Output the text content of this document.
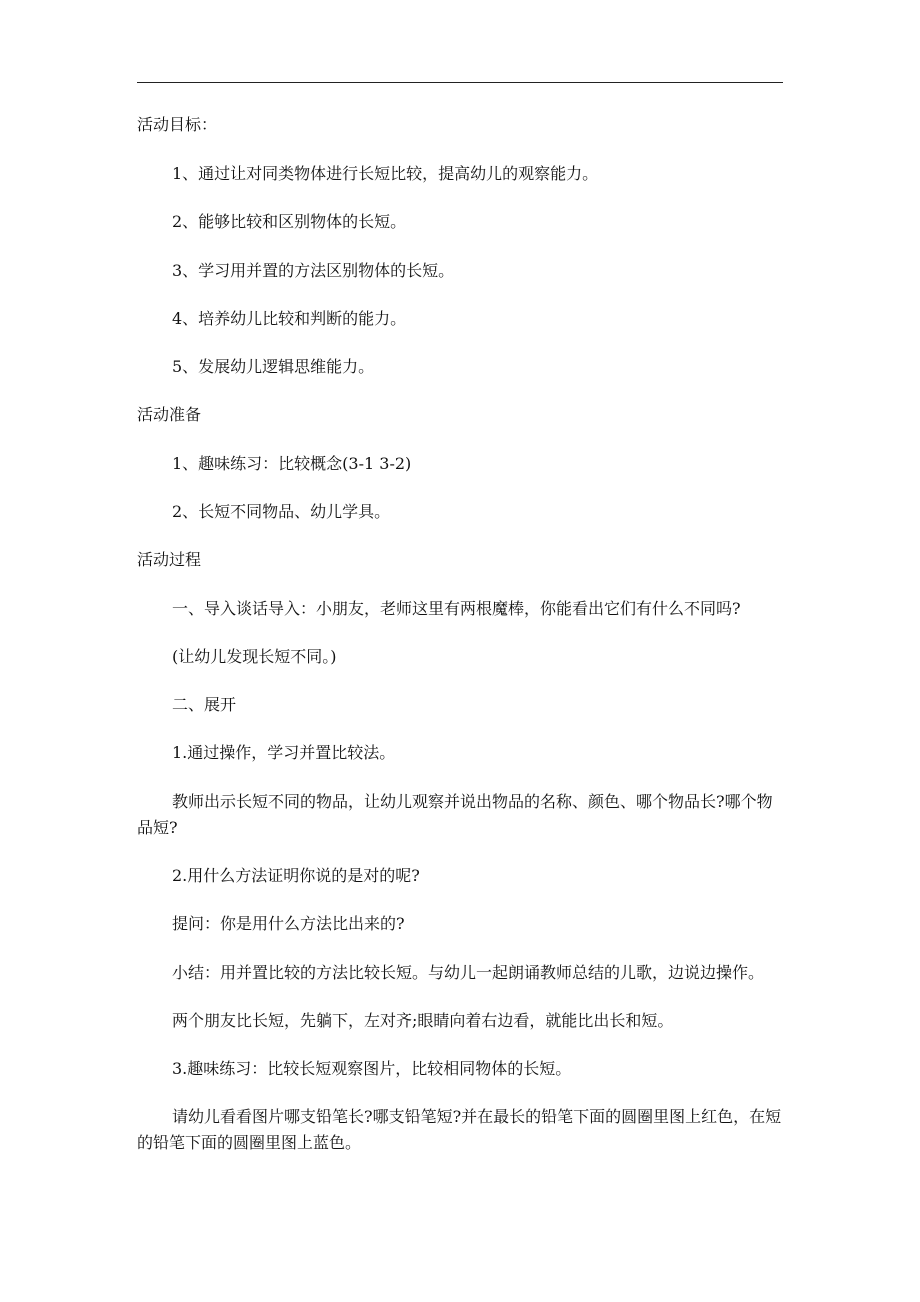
活动目标：
1、通过让对同类物体进行长短比较，提高幼儿的观察能力。
2、能够比较和区别物体的长短。
3、学习用并置的方法区别物体的长短。
4、培养幼儿比较和判断的能力。
5、发展幼儿逻辑思维能力。
活动准备
1、趣味练习：比较概念(3-1 3-2)
2、长短不同物品、幼儿学具。
活动过程
一、导入谈话导入：小朋友，老师这里有两根魔棒，你能看出它们有什么不同吗?
(让幼儿发现长短不同。)
二、展开
1.通过操作，学习并置比较法。
教师出示长短不同的物品，让幼儿观察并说出物品的名称、颜色、哪个物品长?哪个物
品短?
2.用什么方法证明你说的是对的呢?
提问：你是用什么方法比出来的?
小结：用并置比较的方法比较长短。与幼儿一起朗诵教师总结的儿歌，边说边操作。
两个朋友比长短，先躺下，左对齐;眼睛向着右边看，就能比出长和短。
3.趣味练习：比较长短观察图片，比较相同物体的长短。
请幼儿看看图片哪支铅笔长?哪支铅笔短?并在最长的铅笔下面的圆圈里图上红色，在短
的铅笔下面的圆圈里图上蓝色。
